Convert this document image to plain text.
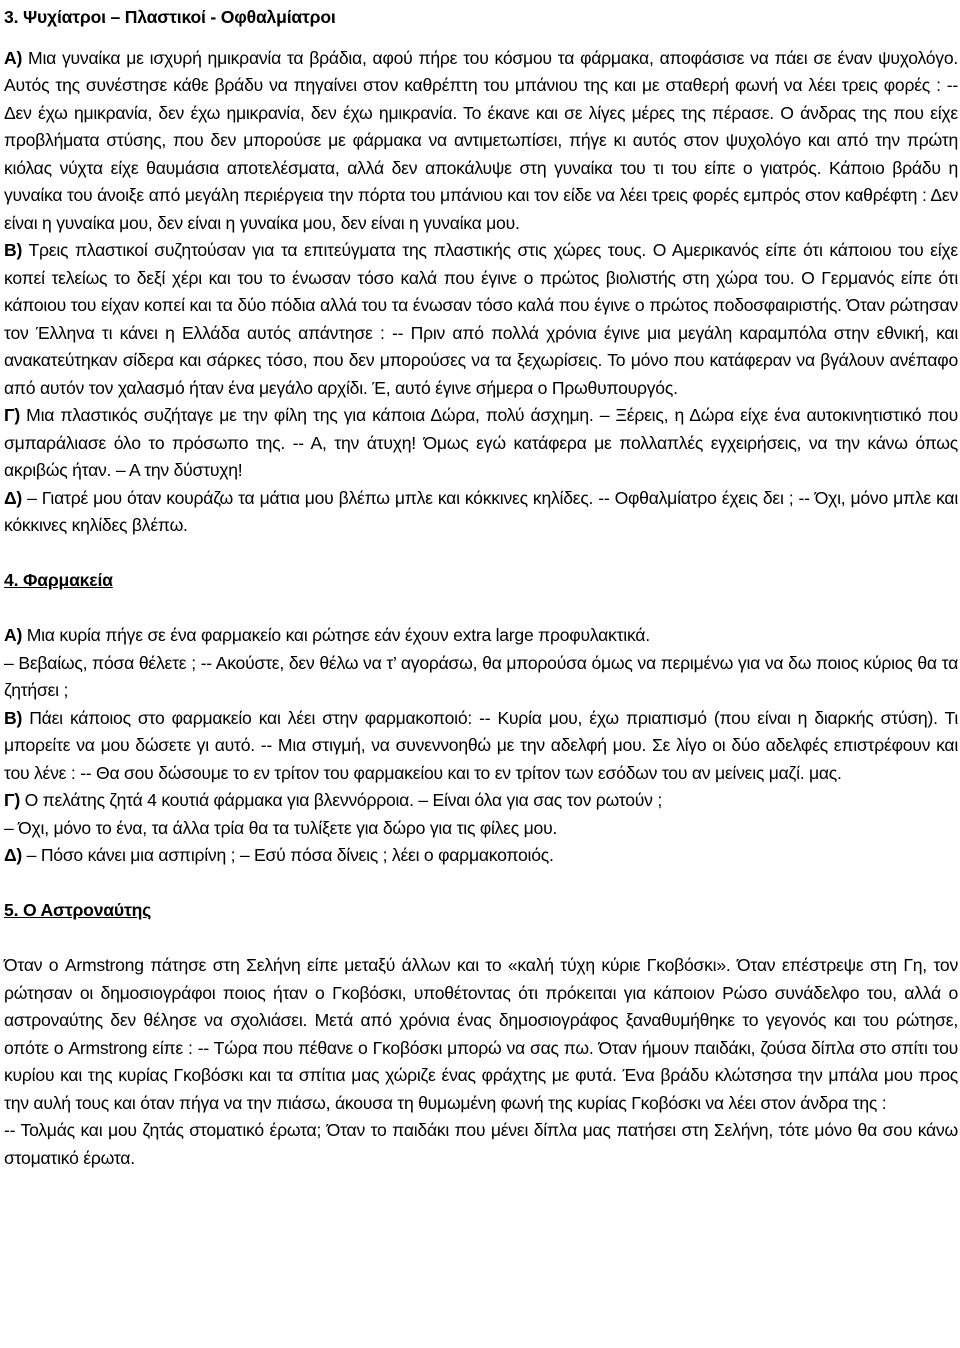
3. Ψυχίατροι – Πλαστικοί - Οφθαλμίατροι

Α) Μια γυναίκα με ισχυρή ημικρανία τα βράδια, αφού πήρε του κόσμου τα φάρμακα, αποφάσισε να πάει σε έναν ψυχολόγο. Αυτός της συνέστησε κάθε βράδυ να πηγαίνει στον καθρέπτη του μπάνιου της και με σταθερή φωνή να λέει τρεις φορές : -- Δεν έχω ημικρανία, δεν έχω ημικρανία, δεν έχω ημικρανία. Το έκανε και σε λίγες μέρες της πέρασε. Ο άνδρας της που είχε προβλήματα στύσης, που δεν μπορούσε με φάρμακα να αντιμετωπίσει, πήγε κι αυτός στον ψυχολόγο και από την πρώτη κιόλας νύχτα είχε θαυμάσια αποτελέσματα, αλλά δεν αποκάλυψε στη γυναίκα του τι του είπε ο γιατρός. Κάποιο βράδυ η γυναίκα του άνοιξε από μεγάλη περιέργεια την πόρτα του μπάνιου και τον είδε να λέει τρεις φορές εμπρός στον καθρέφτη : Δεν είναι η γυναίκα μου, δεν είναι η γυναίκα μου, δεν είναι η γυναίκα μου.

Β) Τρεις πλαστικοί συζητούσαν για τα επιτεύγματα της πλαστικής στις χώρες τους. Ο Αμερικανός είπε ότι κάποιου του είχε κοπεί τελείως το δεξί χέρι και του το ένωσαν τόσο καλά που έγινε ο πρώτος βιολιστής στη χώρα του. Ο Γερμανός είπε ότι κάποιου του είχαν κοπεί και τα δύο πόδια αλλά του τα ένωσαν τόσο καλά που έγινε ο πρώτος ποδοσφαιριστής. Όταν ρώτησαν τον Έλληνα τι κάνει η Ελλάδα αυτός απάντησε : -- Πριν από πολλά χρόνια έγινε μια μεγάλη καραμπόλα στην εθνική, και ανακατεύτηκαν σίδερα και σάρκες τόσο, που δεν μπορούσες να τα ξεχωρίσεις. Το μόνο που κατάφεραν να βγάλουν ανέπαφο από αυτόν τον χαλασμό ήταν ένα μεγάλο αρχίδι. Έ, αυτό έγινε σήμερα ο Πρωθυπουργός.

Γ) Μια πλαστικός συζήταγε με την φίλη της για κάποια Δώρα, πολύ άσχημη. – Ξέρεις, η Δώρα είχε ένα αυτοκινητιστικό που σμπαράλιασε όλο το πρόσωπο της. -- Α, την άτυχη! Όμως εγώ κατάφερα με πολλαπλές εγχειρήσεις, να την κάνω όπως ακριβώς ήταν. – Α την δύστυχη!

Δ) – Γιατρέ μου όταν κουράζω τα μάτια μου βλέπω μπλε και κόκκινες κηλίδες. -- Οφθαλμίατρο έχεις δει ; -- Όχι, μόνο μπλε και κόκκινες κηλίδες βλέπω.

4. Φαρμακεία

Α) Μια κυρία πήγε σε ένα φαρμακείο και ρώτησε εάν έχουν extra large προφυλακτικά.

– Βεβαίως, πόσα θέλετε ; -- Ακούστε, δεν θέλω να τ’ αγοράσω, θα μπορούσα όμως να περιμένω για να δω ποιος κύριος θα τα ζητήσει ;

Β) Πάει κάποιος στο φαρμακείο και λέει στην φαρμακοποιό: -- Κυρία μου, έχω πριαπισμό (που είναι η διαρκής στύση). Τι μπορείτε να μου δώσετε γι αυτό. -- Μια στιγμή, να συνεννοηθώ με την αδελφή μου. Σε λίγο οι δύο αδελφές επιστρέφουν και του λένε : -- Θα σου δώσουμε το εν τρίτον του φαρμακείου και το εν τρίτον των εσόδων του αν μείνεις μαζί. μας.

Γ) Ο πελάτης ζητά 4 κουτιά φάρμακα για βλεννόρροια. – Είναι όλα για σας τον ρωτούν ;

– Όχι, μόνο το ένα, τα άλλα τρία θα τα τυλίξετε για δώρο για τις φίλες μου.

Δ) – Πόσο κάνει μια ασπιρίνη ; – Εσύ πόσα δίνεις ; λέει ο φαρμακοποιός.

5. Ο Αστροναύτης

Όταν ο Armstrong πάτησε στη Σελήνη είπε μεταξύ άλλων και το «καλή τύχη κύριε Γκοβόσκι». Όταν επέστρεψε στη Γη, τον ρώτησαν οι δημοσιογράφοι ποιος ήταν ο Γκοβόσκι, υποθέτοντας ότι πρόκειται για κάποιον Ρώσο συνάδελφο του, αλλά ο αστροναύτης δεν θέλησε να σχολιάσει. Μετά από χρόνια ένας δημοσιογράφος ξαναθυμήθηκε το γεγονός και του ρώτησε, οπότε ο Armstrong είπε : -- Τώρα που πέθανε ο Γκοβόσκι μπορώ να σας πω. Όταν ήμουν παιδάκι, ζούσα δίπλα στο σπίτι του κυρίου και της κυρίας Γκοβόσκι και τα σπίτια μας χώριζε ένας φράχτης με φυτά. Ένα βράδυ κλώτσησα την μπάλα μου προς την αυλή τους και όταν πήγα να την πιάσω, άκουσα τη θυμωμένη φωνή της κυρίας Γκοβόσκι να λέει στον άνδρα της :

-- Τολμάς και μου ζητάς στοματικό έρωτα; Όταν το παιδάκι που μένει δίπλα μας πατήσει στη Σελήνη, τότε μόνο θα σου κάνω στοματικό έρωτα.
